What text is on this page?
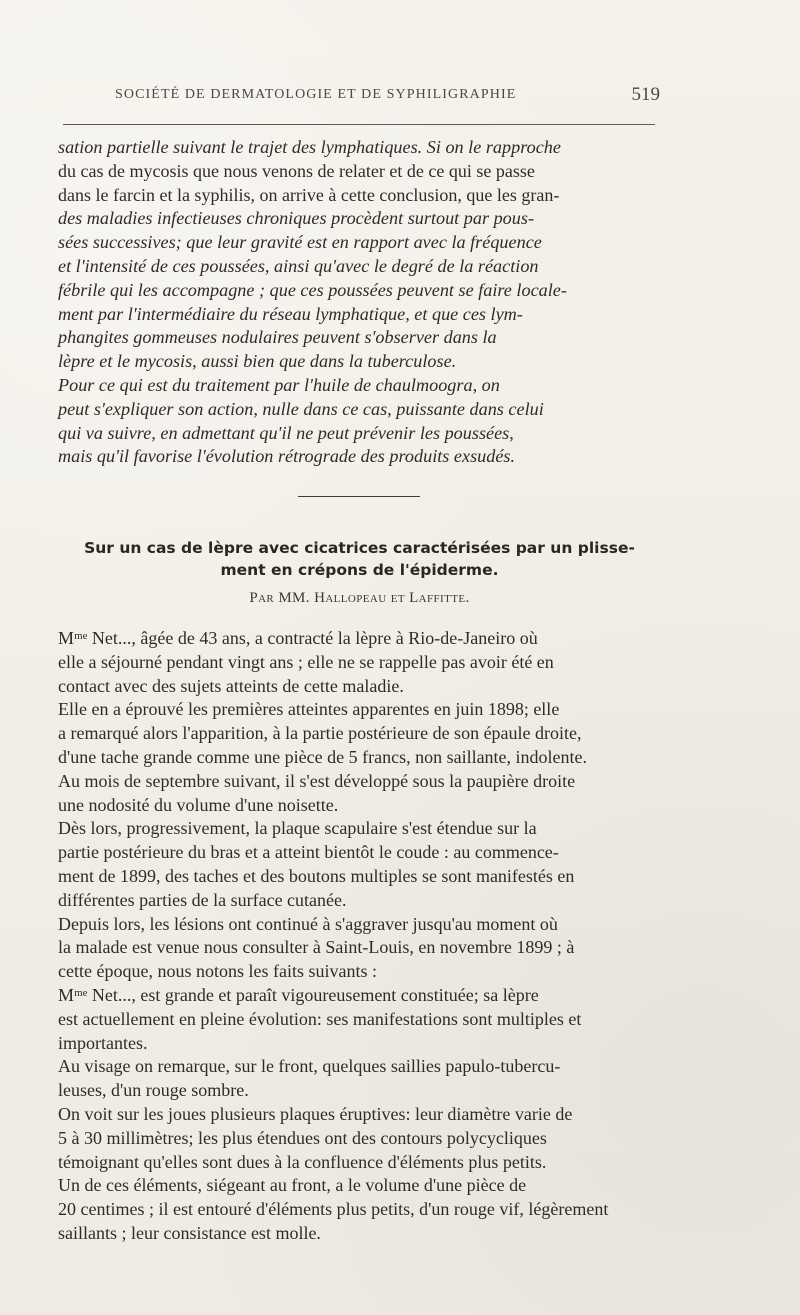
SOCIÉTÉ DE DERMATOLOGIE ET DE SYPHILIGRAPHIE	519
sation partielle suivant le trajet des lymphatiques. Si on le rapproche
du cas de mycosis que nous venons de relater et de ce qui se passe
dans le farcin et la syphilis, on arrive à cette conclusion, que les gran-
des maladies infectieuses chroniques procèdent surtout par pous-
sées successives; que leur gravité est en rapport avec la fréquence
et l'intensité de ces poussées, ainsi qu'avec le degré de la réaction
fébrile qui les accompagne ; que ces poussées peuvent se faire locale-
ment par l'intermédiaire du réseau lymphatique, et que ces lym-
phangites gommeuses nodulaires peuvent s'observer dans la
lèpre et le mycosis, aussi bien que dans la tuberculose.
Pour ce qui est du traitement par l'huile de chaulmoogra, on
peut s'expliquer son action, nulle dans ce cas, puissante dans celui
qui va suivre, en admettant qu'il ne peut prévenir les poussées,
mais qu'il favorise l'évolution rétrograde des produits exsudés.
Sur un cas de lèpre avec cicatrices caractérisées par un plisse-
ment en crépons de l'épiderme.
Par MM. Hallopeau et Laffitte.
Mᵐᵉ Net..., âgée de 43 ans, a contracté la lèpre à Rio-de-Janeiro où
elle a séjourné pendant vingt ans ; elle ne se rappelle pas avoir été en
contact avec des sujets atteints de cette maladie.
Elle en a éprouvé les premières atteintes apparentes en juin 1898; elle
a remarqué alors l'apparition, à la partie postérieure de son épaule droite,
d'une tache grande comme une pièce de 5 francs, non saillante, indolente.
Au mois de septembre suivant, il s'est développé sous la paupière droite
une nodosité du volume d'une noisette.
Dès lors, progressivement, la plaque scapulaire s'est étendue sur la
partie postérieure du bras et a atteint bientôt le coude : au commence-
ment de 1899, des taches et des boutons multiples se sont manifestés en
différentes parties de la surface cutanée.
Depuis lors, les lésions ont continué à s'aggraver jusqu'au moment où
la malade est venue nous consulter à Saint-Louis, en novembre 1899 ; à
cette époque, nous notons les faits suivants :
Mᵐᵉ Net..., est grande et paraît vigoureusement constituée; sa lèpre
est actuellement en pleine évolution: ses manifestations sont multiples et
importantes.
Au visage on remarque, sur le front, quelques saillies papulo-tubercu-
leuses, d'un rouge sombre.
On voit sur les joues plusieurs plaques éruptives: leur diamètre varie de
5 à 30 millimètres; les plus étendues ont des contours polycycliques
témoignant qu'elles sont dues à la confluence d'éléments plus petits.
Un de ces éléments, siégeant au front, a le volume d'une pièce de
20 centimes ; il est entouré d'éléments plus petits, d'un rouge vif, légèrement
saillants ; leur consistance est molle.
